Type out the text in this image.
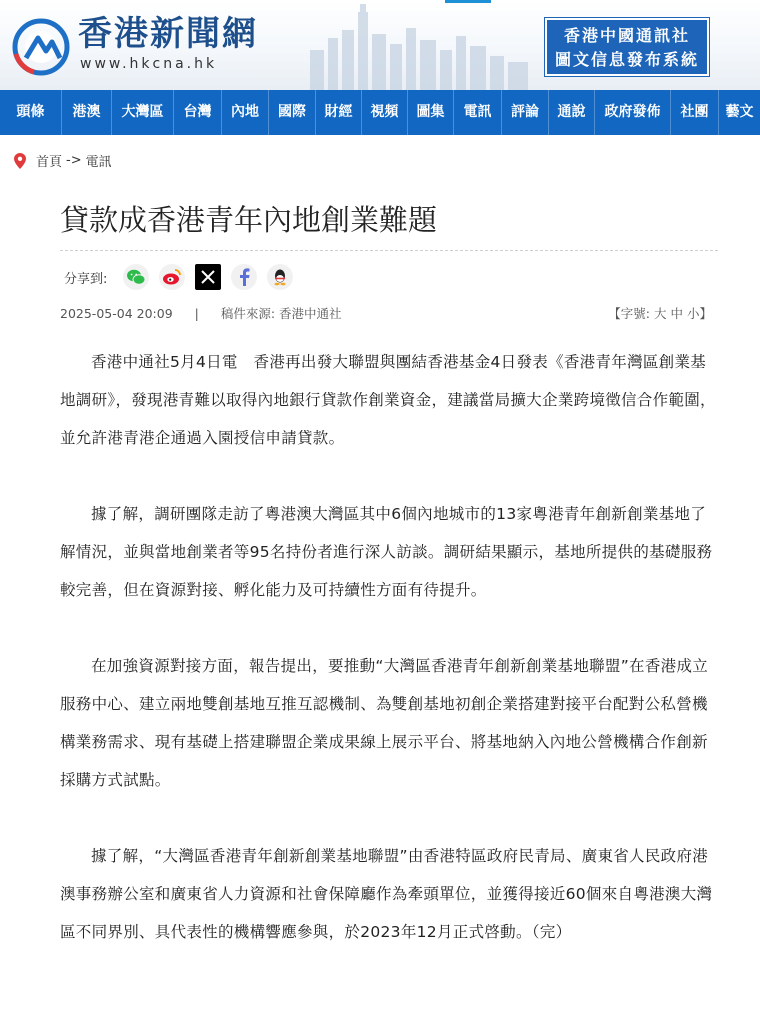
香港新聞網
www.hkcna.hk
香港中國通訊社
圖文信息發布系統
頭條	港澳	大灣區	台灣	內地	國際	財經	視頻	圖集	電訊	評論	通說	政府發佈	社團	藝文
首頁 -> 電訊
貸款成香港青年內地創業難題
分享到:
2025-05-04 20:09 | 稿件來源: 香港中通社	【字號: 大 中 小】

香港中通社5月4日電　香港再出發大聯盟與團結香港基金4日發表《香港青年灣區創業基地調研》，發現港青難以取得內地銀行貸款作創業資金，建議當局擴大企業跨境徵信合作範圍，並允許港青港企通過入園授信申請貸款。

據了解，調研團隊走訪了粵港澳大灣區其中6個內地城市的13家粵港青年創新創業基地了解情況，並與當地創業者等95名持份者進行深人訪談。調研結果顯示，基地所提供的基礎服務較完善，但在資源對接、孵化能力及可持續性方面有待提升。

在加強資源對接方面，報告提出，要推動“大灣區香港青年創新創業基地聯盟”在香港成立服務中心、建立兩地雙創基地互推互認機制、為雙創基地初創企業搭建對接平台配對公私營機構業務需求、現有基礎上搭建聯盟企業成果線上展示平台、將基地納入內地公營機構合作創新採購方式試點。

據了解，“大灣區香港青年創新創業基地聯盟”由香港特區政府民青局、廣東省人民政府港澳事務辦公室和廣東省人力資源和社會保障廳作為牽頭單位，並獲得接近60個來自粵港澳大灣區不同界別、具代表性的機構響應參與，於2023年12月正式啓動。（完）
